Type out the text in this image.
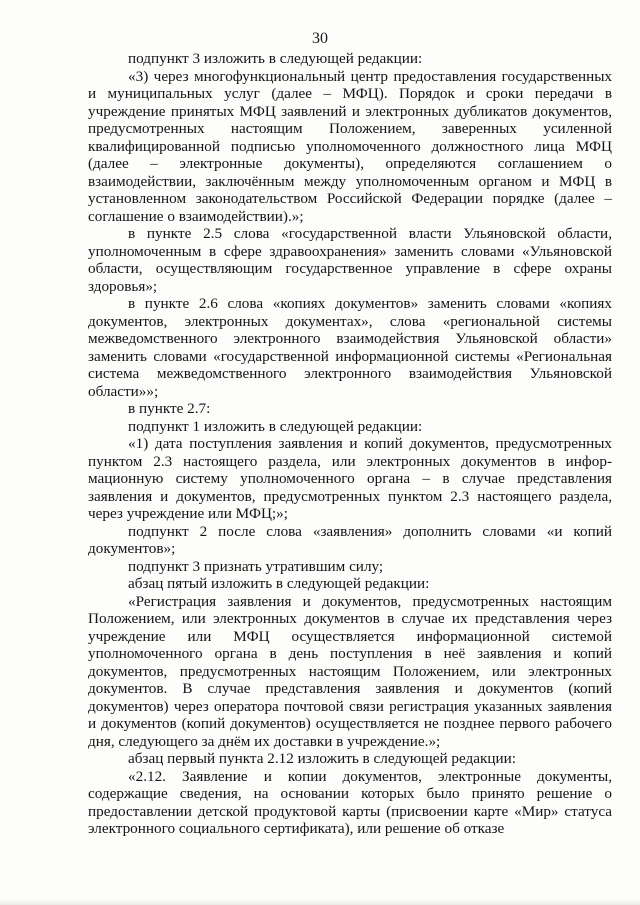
30

подпункт 3 изложить в следующей редакции:

«3) через многофункциональный центр предоставления государственных и муниципальных услуг (далее – МФЦ). Порядок и сроки передачи в учреждение принятых МФЦ заявлений и электронных дубликатов документов, предусмотренных настоящим Положением, заверенных усиленной квалифицированной подписью уполномоченного должностного лица МФЦ (далее – электронные документы), определяются соглашением о взаимодействии, заключённым между уполномоченным органом и МФЦ в установленном законодательством Российской Федерации порядке (далее – соглашение о взаимодействии).»;

в пункте 2.5 слова «государственной власти Ульяновской области, уполномоченным в сфере здравоохранения» заменить словами «Ульяновской области, осуществляющим государственное управление в сфере охраны здоровья»;

в пункте 2.6 слова «копиях документов» заменить словами «копиях документов, электронных документах», слова «региональной системы межведомственного электронного взаимодействия Ульяновской области» заменить словами «государственной информационной системы «Региональная система межведомственного электронного взаимодействия Ульяновской области»»;

в пункте 2.7:

подпункт 1 изложить в следующей редакции:

«1) дата поступления заявления и копий документов, предусмотренных пунктом 2.3 настоящего раздела, или электронных документов в информационную систему уполномоченного органа – в случае представления заявления и документов, предусмотренных пунктом 2.3 настоящего раздела, через учреждение или МФЦ;»;

подпункт 2 после слова «заявления» дополнить словами «и копий документов»;

подпункт 3 признать утратившим силу;

абзац пятый изложить в следующей редакции:

«Регистрация заявления и документов, предусмотренных настоящим Положением, или электронных документов в случае их представления через учреждение или МФЦ осуществляется информационной системой уполномоченного органа в день поступления в неё заявления и копий документов, предусмотренных настоящим Положением, или электронных документов. В случае представления заявления и документов (копий документов) через оператора почтовой связи регистрация указанных заявления и документов (копий документов) осуществляется не позднее первого рабочего дня, следующего за днём их доставки в учреждение.»;

абзац первый пункта 2.12 изложить в следующей редакции:

«2.12. Заявление и копии документов, электронные документы, содержащие сведения, на основании которых было принято решение о предоставлении детской продуктовой карты (присвоении карте «Мир» статуса электронного социального сертификата), или решение об отказе
